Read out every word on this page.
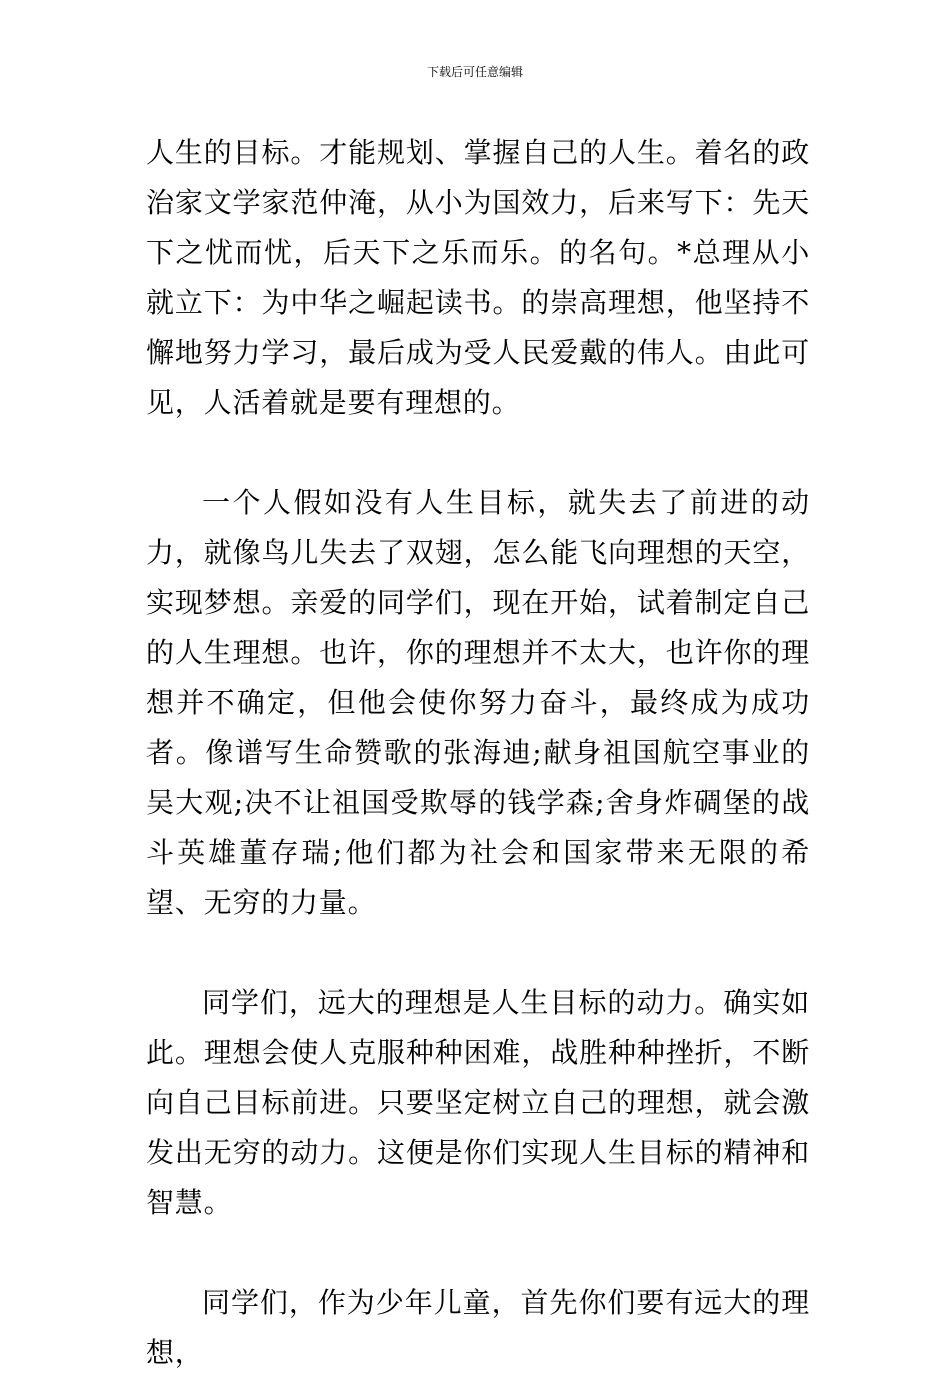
下载后可任意编辑

人生的目标。才能规划、掌握自己的人生。着名的政治家文学家范仲淹，从小为国效力，后来写下：先天下之忧而忧，后天下之乐而乐。的名句。*总理从小就立下：为中华之崛起读书。的崇高理想，他坚持不懈地努力学习，最后成为受人民爱戴的伟人。由此可见，人活着就是要有理想的。

一个人假如没有人生目标，就失去了前进的动力，就像鸟儿失去了双翅，怎么能飞向理想的天空，实现梦想。亲爱的同学们，现在开始，试着制定自己的人生理想。也许，你的理想并不太大，也许你的理想并不确定，但他会使你努力奋斗，最终成为成功者。像谱写生命赞歌的张海迪;献身祖国航空事业的吴大观;决不让祖国受欺辱的钱学森;舍身炸碉堡的战斗英雄董存瑞;他们都为社会和国家带来无限的希望、无穷的力量。

同学们，远大的理想是人生目标的动力。确实如此。理想会使人克服种种困难，战胜种种挫折，不断向自己目标前进。只要坚定树立自己的理想，就会激发出无穷的动力。这便是你们实现人生目标的精神和智慧。

同学们，作为少年儿童，首先你们要有远大的理想，
